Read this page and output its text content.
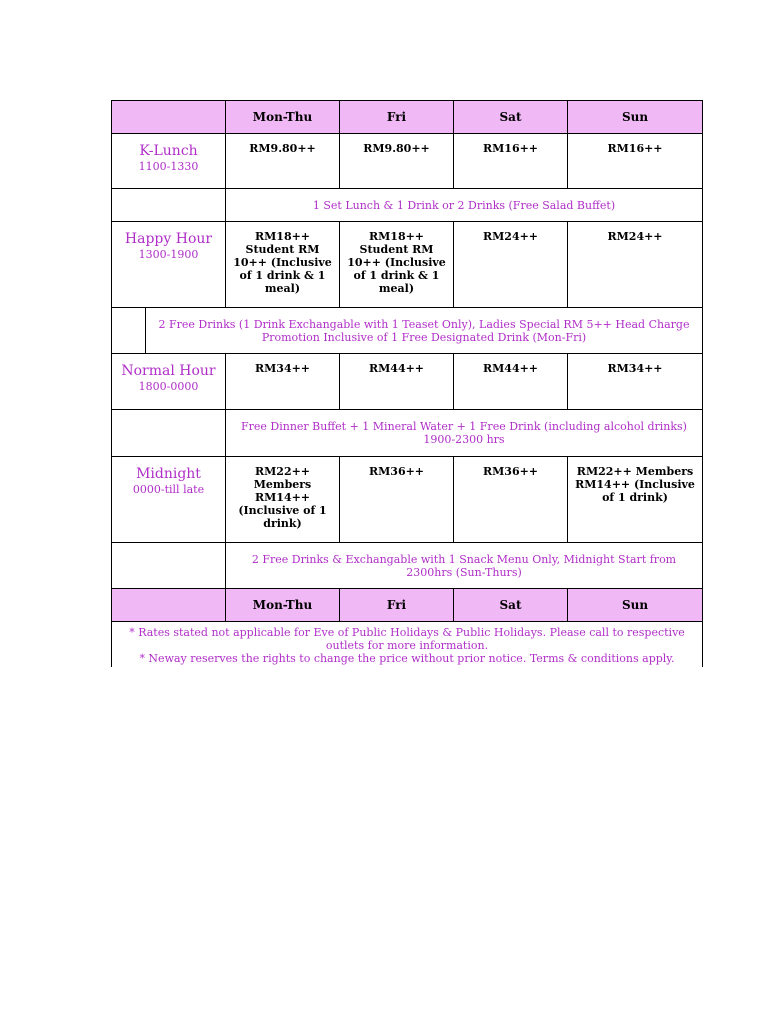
		Mon-Thu	Fri	Sat	Sun

K-Lunch
1100-1330		RM9.80++	RM9.80++	RM16++	RM16++

		1 Set Lunch & 1 Drink or 2 Drinks (Free Salad Buffet)			

Happy Hour
1300-1900		RM18++ Student RM 10++ (Inclusive of 1 drink & 1 meal)	RM18++ Student RM 10++ (Inclusive of 1 drink & 1 meal)	RM24++	RM24++

	2 Free Drinks (1 Drink Exchangable with 1 Teaset Only), Ladies Special RM 5++ Head Charge Promotion Inclusive of 1 Free Designated Drink (Mon-Fri)				

Normal Hour
1800-0000		RM34++	RM44++	RM44++	RM34++

		Free Dinner Buffet + 1 Mineral Water + 1 Free Drink (including alcohol drinks) 1900-2300 hrs			

Midnight
0000-till late		RM22++ Members RM14++ (Inclusive of 1 drink)	RM36++	RM36++	RM22++ Members RM14++ (Inclusive of 1 drink)

		2 Free Drinks & Exchangable with 1 Snack Menu Only, Midnight Start from 2300hrs (Sun-Thurs)			
		Mon-Thu	Fri	Sat	Sun

* Rates stated not applicable for Eve of Public Holidays & Public Holidays. Please call to respective outlets for more information.
* Neway reserves the rights to change the price without prior notice. Terms & conditions apply.					
